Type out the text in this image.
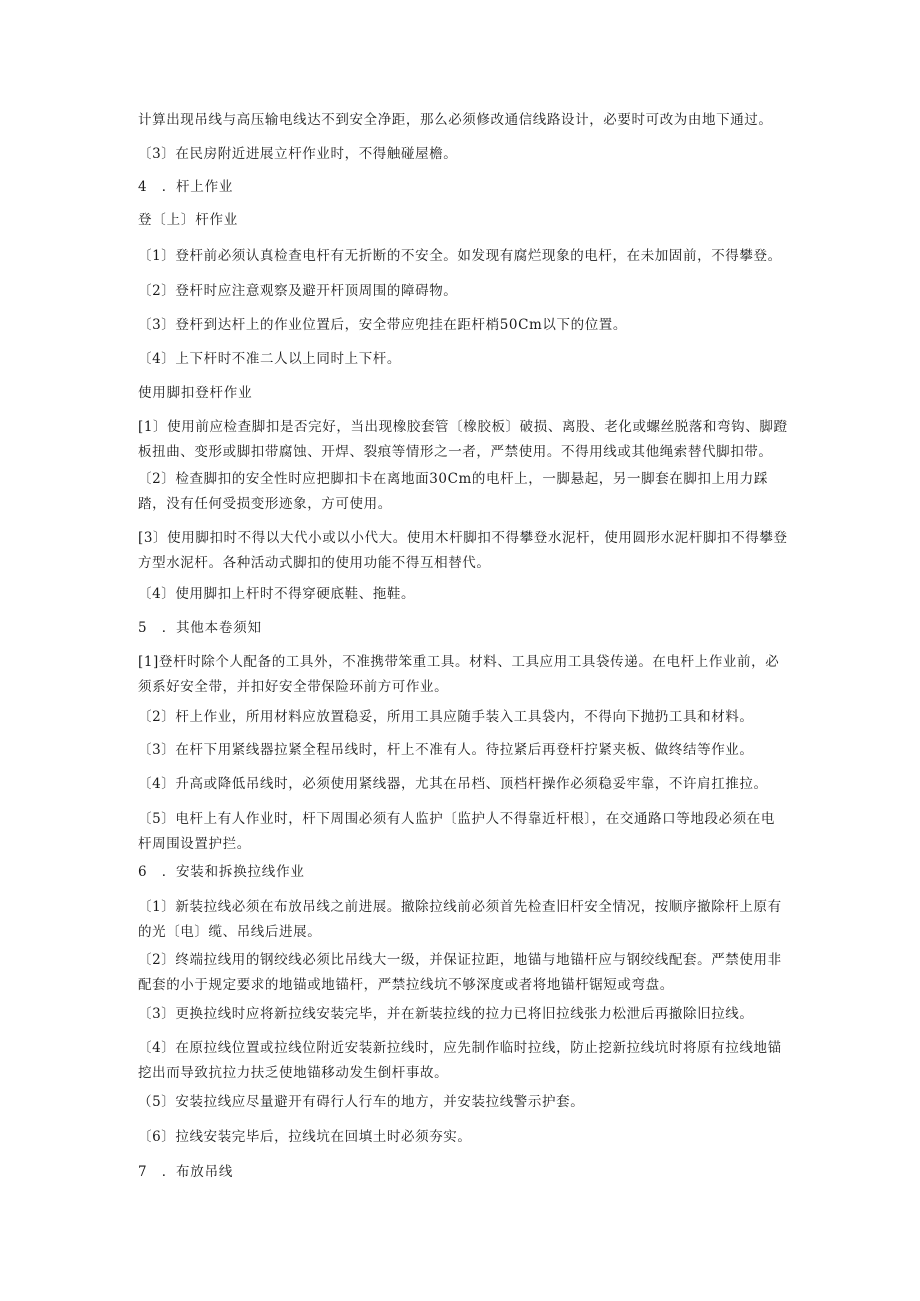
计算出现吊线与高压输电线达不到安全净距，那么必须修改通信线路设计，必要时可改为由地下通过。
〔3〕在民房附近进展立杆作业时，不得触碰屋檐。
4　．杆上作业
登〔上〕杆作业
〔1〕登杆前必须认真检查电杆有无折断的不安全。如发现有腐烂现象的电杆，在未加固前，不得攀登。
〔2〕登杆时应注意观察及避开杆顶周围的障碍物。
〔3〕登杆到达杆上的作业位置后，安全带应兜挂在距杆梢50Cm以下的位置。
〔4〕上下杆时不准二人以上同时上下杆。
使用脚扣登杆作业
[1〕使用前应检查脚扣是否完好，当出现橡胶套管〔橡胶板〕破损、离股、老化或螺丝脱落和弯钩、脚蹬板扭曲、变形或脚扣带腐蚀、开焊、裂痕等情形之一者，严禁使用。不得用线或其他绳索替代脚扣带。
〔2〕检查脚扣的安全性时应把脚扣卡在离地面30Cm的电杆上，一脚悬起，另一脚套在脚扣上用力踩踏，没有任何受损变形迹象，方可使用。
[3〕使用脚扣时不得以大代小或以小代大。使用木杆脚扣不得攀登水泥杆，使用圆形水泥杆脚扣不得攀登方型水泥杆。各种活动式脚扣的使用功能不得互相替代。
〔4〕使用脚扣上杆时不得穿硬底鞋、拖鞋。
5　．其他本卷须知
[1]登杆时除个人配备的工具外，不准携带笨重工具。材料、工具应用工具袋传递。在电杆上作业前，必须系好安全带，并扣好安全带保险环前方可作业。
〔2〕杆上作业，所用材料应放置稳妥，所用工具应随手装入工具袋内，不得向下抛扔工具和材料。
〔3〕在杆下用紧线器拉紧全程吊线时，杆上不准有人。待拉紧后再登杆拧紧夹板、做终结等作业。
〔4〕升高或降低吊线时，必须使用紧线器，尤其在吊档、顶档杆操作必须稳妥牢靠，不许肩扛推拉。
〔5〕电杆上有人作业时，杆下周围必须有人监护〔监护人不得靠近杆根〕，在交通路口等地段必须在电杆周围设置护拦。
6　．安装和拆换拉线作业
〔1〕新装拉线必须在布放吊线之前进展。撤除拉线前必须首先检查旧杆安全情况，按顺序撤除杆上原有的光〔电〕缆、吊线后进展。
〔2〕终端拉线用的钢绞线必须比吊线大一级，并保证拉距，地锚与地锚杆应与钢绞线配套。严禁使用非配套的小于规定要求的地锚或地锚杆，严禁拉线坑不够深度或者将地锚杆锯短或弯盘。
〔3〕更换拉线时应将新拉线安装完毕，并在新装拉线的拉力已将旧拉线张力松泄后再撤除旧拉线。
〔4〕在原拉线位置或拉线位附近安装新拉线时，应先制作临时拉线，防止挖新拉线坑时将原有拉线地锚挖出而导致抗拉力扶乏使地锚移动发生倒杆事故。
（5〕安装拉线应尽量避开有碍行人行车的地方，并安装拉线警示护套。
〔6〕拉线安装完毕后，拉线坑在回填土时必须夯实。
7　．布放吊线
